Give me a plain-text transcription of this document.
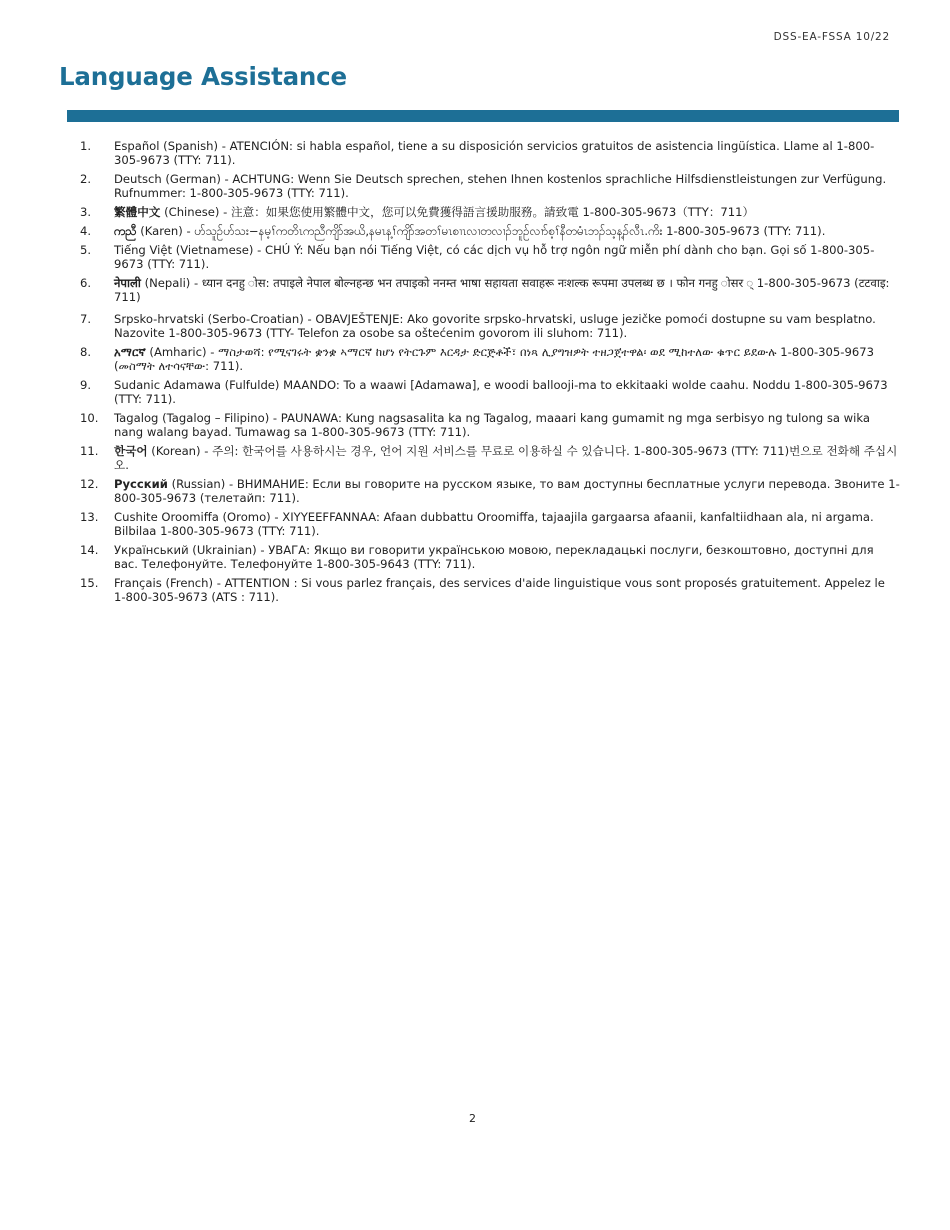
DSS-EA-FSSA 10/22
Language Assistance
1.	Español (Spanish) - ATENCIÓN: si habla español, tiene a su disposición servicios gratuitos de asistencia lingüística. Llame al 1-800-305-9673 (TTY: 711).
2.	Deutsch (German) - ACHTUNG: Wenn Sie Deutsch sprechen, stehen Ihnen kostenlos sprachliche Hilfsdienstleistungen zur Verfügung. Rufnummer: 1-800-305-9673 (TTY: 711).
3.	繁體中文 (Chinese) - 注意：如果您使用繁體中文，您可以免費獲得語言援助服務。請致電 1-800-305-9673（TTY：711）
4.	ကညီ (Karen) - ဟ်သူဉ်ဟ်သး−နမ့ၢ်ကတိၤကညီကျိာ်အယိ,နမၤန့ၢ်ကျိာ်အတၢ်မၤစၢၤလၢတလၢၣ်ဘူဉ်လၢာ်စ့ၢ်နီတမံၤဘၣ်သ့န့ၣ်လီၤ.ကိး 1-800-305-9673 (TTY: 711).
5.	Tiếng Việt (Vietnamese) - CHÚ Ý: Nếu bạn nói Tiếng Việt, có các dịch vụ hỗ trợ ngôn ngữ miễn phí dành cho bạn. Gọi số 1-800-305-9673 (TTY: 711).
6.	नेपाली (Nepali) - ध्यान दनहु ोस: तपाइले नेपाल बोल्नहन्छ भन तपाइको ननम्त भाषा सहायता सवाहरू नःशल्क रूपमा उपलब्ध छ । फोन गनहु ोसर ् 1-800-305-9673 (टटवाइ: 711)
7.	Srpsko-hrvatski (Serbo-Croatian) - OBAVJEŠTENJE: Ako govorite srpsko-hrvatski, usluge jezičke pomoći dostupne su vam besplatno. Nazovite 1-800-305-9673 (TTY- Telefon za osobe sa oštećenim govorom ili sluhom: 711).
8.	አማርኛ (Amharic) - ማስታወሻ: የሚናገሩት ቋንቋ ኣማርኛ ከሆነ የትርጉም እርዳታ ድርጅቶች፣ በነጻ ሊያግዝዎት ተዘጋጀተዋል፡ ወደ ሚከተለው ቁጥር ይደውሉ 1-800-305-9673 (መስማት ለተሳናቸው: 711).
9.	Sudanic Adamawa (Fulfulde) MAANDO: To a waawi [Adamawa], e woodi ballooji-ma to ekkitaaki wolde caahu. Noddu 1-800-305-9673 (TTY: 711).
10.	Tagalog (Tagalog – Filipino) - PAUNAWA: Kung nagsasalita ka ng Tagalog, maaari kang gumamit ng mga serbisyo ng tulong sa wika nang walang bayad. Tumawag sa 1-800-305-9673 (TTY: 711).
11.	한국어 (Korean) - 주의: 한국어를 사용하시는 경우, 언어 지원 서비스를 무료로 이용하실 수 있습니다. 1-800-305-9673 (TTY: 711)번으로 전화해 주십시오.
12.	Русский (Russian) - ВНИМАНИЕ: Если вы говорите на русском языке, то вам доступны бесплатные услуги перевода. Звоните 1-800-305-9673 (телетайп: 711).
13.	Cushite Oroomiffa (Oromo) - XIYYEEFFANNAA: Afaan dubbattu Oroomiffa, tajaajila gargaarsa afaanii, kanfaltiidhaan ala, ni argama. Bilbilaa 1-800-305-9673 (TTY: 711).
14.	Український (Ukrainian) - УВАГА: Якщо ви говорити українською мовою, перекладацькі послуги, безкоштовно, доступні для вас. Телефонуйте. Телефонуйте 1-800-305-9643 (TTY: 711).
15.	Français (French) - ATTENTION : Si vous parlez français, des services d'aide linguistique vous sont proposés gratuitement. Appelez le 1-800-305-9673 (ATS : 711).
2
